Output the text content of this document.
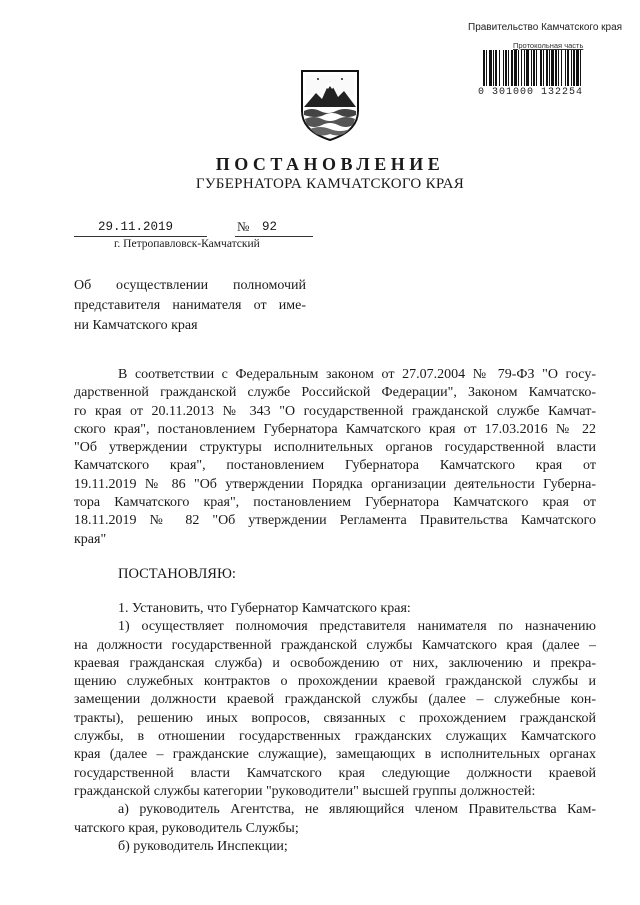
Правительство Камчатского края
Протокольная часть
0 301000 132254
ПОСТАНОВЛЕНИЕ
ГУБЕРНАТОРА КАМЧАТСКОГО КРАЯ
29.11.2019	№ 92
г. Петропавловск-Камчатский
Об осуществлении полномочий
представителя нанимателя от име-
ни Камчатского края
В соответствии с Федеральным законом от 27.07.2004 № 79-ФЗ "О госу-
дарственной гражданской службе Российской Федерации", Законом Камчатско-
го края от 20.11.2013 № 343 "О государственной гражданской службе Камчат-
ского края", постановлением Губернатора Камчатского края от 17.03.2016 № 22
"Об утверждении структуры исполнительных органов государственной власти
Камчатского края", постановлением Губернатора Камчатского края от
19.11.2019 № 86 "Об утверждении Порядка организации деятельности Губерна-
тора Камчатского края", постановлением Губернатора Камчатского края от
18.11.2019 № 82 "Об утверждении Регламента Правительства Камчатского
края"
ПОСТАНОВЛЯЮ:
1. Установить, что Губернатор Камчатского края:
1) осуществляет полномочия представителя нанимателя по назначению
на должности государственной гражданской службы Камчатского края (далее –
краевая гражданская служба) и освобождению от них, заключению и прекра-
щению служебных контрактов о прохождении краевой гражданской службы и
замещении должности краевой гражданской службы (далее – служебные кон-
тракты), решению иных вопросов, связанных с прохождением гражданской
службы, в отношении государственных гражданских служащих Камчатского
края (далее – гражданские служащие), замещающих в исполнительных органах
государственной власти Камчатского края следующие должности краевой
гражданской службы категории "руководители" высшей группы должностей:
а) руководитель Агентства, не являющийся членом Правительства Кам-
чатского края, руководитель Службы;
б) руководитель Инспекции;
